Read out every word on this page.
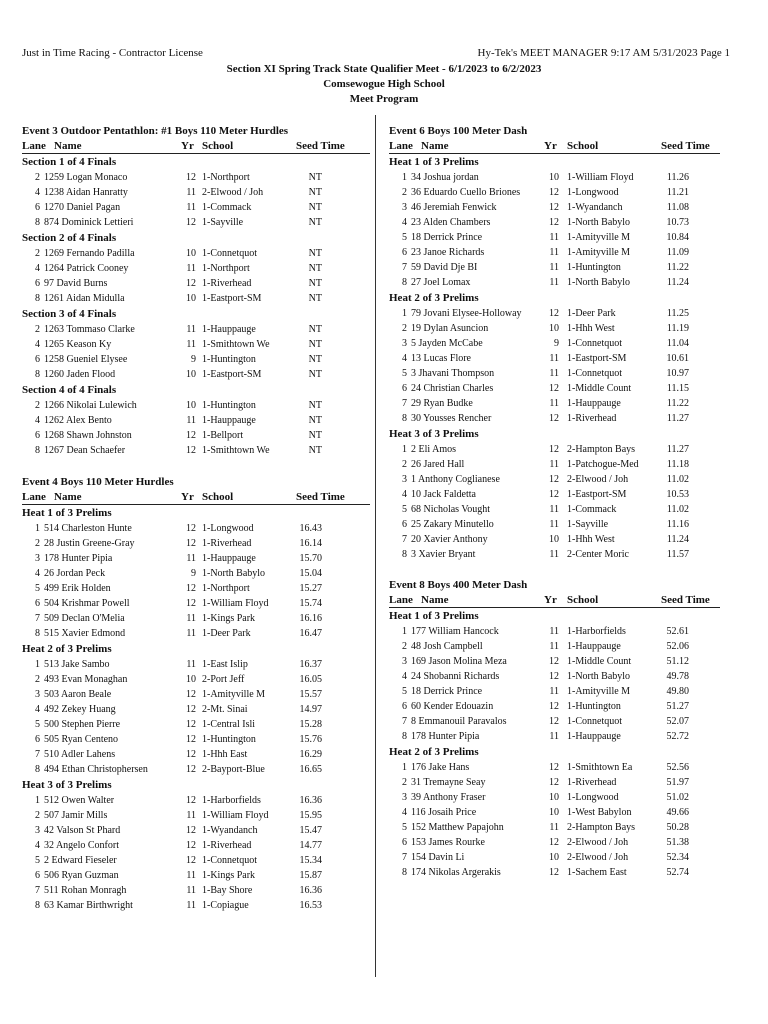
Just in Time Racing - Contractor License	Hy-Tek's MEET MANAGER 9:17 AM 5/31/2023 Page 1
Section XI Spring Track State Qualifier Meet - 6/1/2023 to 6/2/2023
Comsewogue High School
Meet Program
Event 3 Outdoor Pentathlon: #1 Boys 110 Meter Hurdles
Lane Name	Yr School	Seed Time
Section 1 of 4 Finals
2 1259 Logan Monaco	12 1-Northport	NT
4 1238 Aidan Hanratty	11 2-Elwood / Joh	NT
6 1270 Daniel Pagan	11 1-Commack	NT
8 874 Dominick Lettieri	12 1-Sayville	NT
Section 2 of 4 Finals
2 1269 Fernando Padilla	10 1-Connetquot	NT
4 1264 Patrick Cooney	11 1-Northport	NT
6 97 David Burns	12 1-Riverhead	NT
8 1261 Aidan Midulla	10 1-Eastport-SM	NT
Section 3 of 4 Finals
2 1263 Tommaso Clarke	11 1-Hauppauge	NT
4 1265 Keason Ky	11 1-Smithtown We	NT
6 1258 Gueniel Elysee	9 1-Huntington	NT
8 1260 Jaden Flood	10 1-Eastport-SM	NT
Section 4 of 4 Finals
2 1266 Nikolai Lulewich	10 1-Huntington	NT
4 1262 Alex Bento	11 1-Hauppauge	NT
6 1268 Shawn Johnston	12 1-Bellport	NT
8 1267 Dean Schaefer	12 1-Smithtown We	NT
Event 4 Boys 110 Meter Hurdles
Lane Name	Yr School	Seed Time
Heat 1 of 3 Prelims
1 514 Charleston Hunte	12 1-Longwood	16.43
2 28 Justin Greene-Gray	12 1-Riverhead	16.14
3 178 Hunter Pipia	11 1-Hauppauge	15.70
4 26 Jordan Peck	9 1-North Babylo	15.04
5 499 Erik Holden	12 1-Northport	15.27
6 504 Krishmar Powell	12 1-William Floyd	15.74
7 509 Declan O'Melia	11 1-Kings Park	16.16
8 515 Xavier Edmond	11 1-Deer Park	16.47
Heat 2 of 3 Prelims
1 513 Jake Sambo	11 1-East Islip	16.37
2 493 Evan Monaghan	10 2-Port Jeff	16.05
3 503 Aaron Beale	12 1-Amityville M	15.57
4 492 Zekey Huang	12 2-Mt. Sinai	14.97
5 500 Stephen Pierre	12 1-Central Isli	15.28
6 505 Ryan Centeno	12 1-Huntington	15.76
7 510 Adler Lahens	12 1-Hhh East	16.29
8 494 Ethan Christophersen	12 2-Bayport-Blue	16.65
Heat 3 of 3 Prelims
1 512 Owen Walter	12 1-Harborfields	16.36
2 507 Jamir Mills	11 1-William Floyd	15.95
3 42 Valson St Phard	12 1-Wyandanch	15.47
4 32 Angelo Confort	12 1-Riverhead	14.77
5 2 Edward Fieseler	12 1-Connetquot	15.34
6 506 Ryan Guzman	11 1-Kings Park	15.87
7 511 Rohan Monragh	11 1-Bay Shore	16.36
8 63 Kamar Birthwright	11 1-Copiague	16.53
Event 6 Boys 100 Meter Dash
Lane Name	Yr School	Seed Time
Heat 1 of 3 Prelims
1 34 Joshua jordan	10 1-William Floyd	11.26
2 36 Eduardo Cuello Briones	12 1-Longwood	11.21
3 46 Jeremiah Fenwick	12 1-Wyandanch	11.08
4 23 Alden Chambers	12 1-North Babylo	10.73
5 18 Derrick Prince	11 1-Amityville M	10.84
6 23 Janoe Richards	11 1-Amityville M	11.09
7 59 David Dje BI	11 1-Huntington	11.22
8 27 Joel Lomax	11 1-North Babylo	11.24
Heat 2 of 3 Prelims
1 79 Jovani Elysee-Holloway	12 1-Deer Park	11.25
2 19 Dylan Asuncion	10 1-Hhh West	11.19
3 5 Jayden McCabe	9 1-Connetquot	11.04
4 13 Lucas Flore	11 1-Eastport-SM	10.61
5 3 Jhavani Thompson	11 1-Connetquot	10.97
6 24 Christian Charles	12 1-Middle Count	11.15
7 29 Ryan Budke	11 1-Hauppauge	11.22
8 30 Yousses Rencher	12 1-Riverhead	11.27
Heat 3 of 3 Prelims
1 2 Eli Amos	12 2-Hampton Bays	11.27
2 26 Jared Hall	11 1-Patchogue-Med	11.18
3 1 Anthony Coglianese	12 2-Elwood / Joh	11.02
4 10 Jack Faldetta	12 1-Eastport-SM	10.53
5 68 Nicholas Vought	11 1-Commack	11.02
6 25 Zakary Minutello	11 1-Sayville	11.16
7 20 Xavier Anthony	10 1-Hhh West	11.24
8 3 Xavier Bryant	11 2-Center Moric	11.57
Event 8 Boys 400 Meter Dash
Lane Name	Yr School	Seed Time
Heat 1 of 3 Prelims
1 177 William Hancock	11 1-Harborfields	52.61
2 48 Josh Campbell	11 1-Hauppauge	52.06
3 169 Jason Molina Meza	12 1-Middle Count	51.12
4 24 Shobanni Richards	12 1-North Babylo	49.78
5 18 Derrick Prince	11 1-Amityville M	49.80
6 60 Kender Edouazin	12 1-Huntington	51.27
7 8 Emmanouil Paravalos	12 1-Connetquot	52.07
8 178 Hunter Pipia	11 1-Hauppauge	52.72
Heat 2 of 3 Prelims
1 176 Jake Hans	12 1-Smithtown Ea	52.56
2 31 Tremayne Seay	12 1-Riverhead	51.97
3 39 Anthony Fraser	10 1-Longwood	51.02
4 116 Josaih Price	10 1-West Babylon	49.66
5 152 Matthew Papajohn	11 2-Hampton Bays	50.28
6 153 James Rourke	12 2-Elwood / Joh	51.38
7 154 Davin Li	10 2-Elwood / Joh	52.34
8 174 Nikolas Argerakis	12 1-Sachem East	52.74
